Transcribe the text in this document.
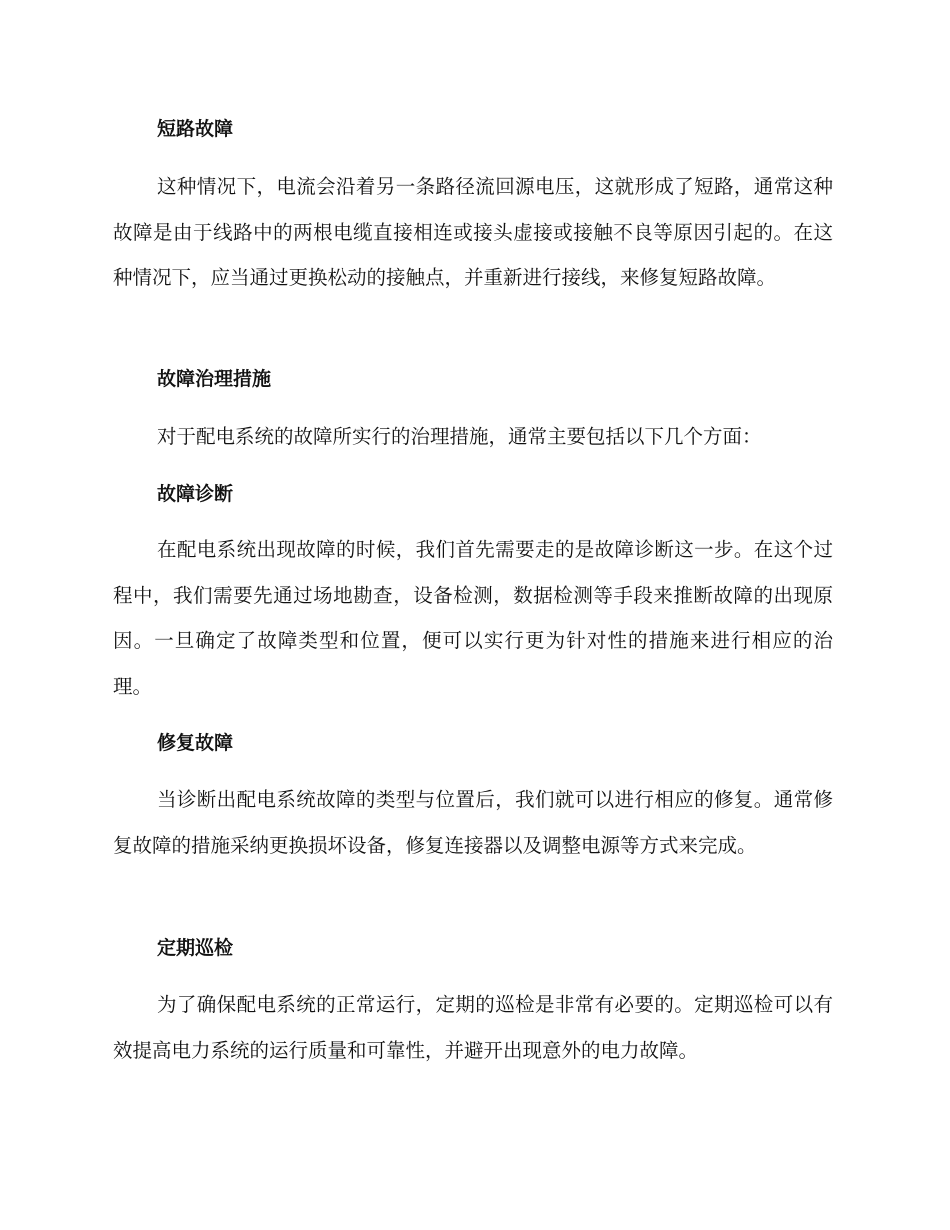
短路故障

这种情况下，电流会沿着另一条路径流回源电压，这就形成了短路，通常这种故障是由于线路中的两根电缆直接相连或接头虚接或接触不良等原因引起的。在这种情况下，应当通过更换松动的接触点，并重新进行接线，来修复短路故障。

故障治理措施

对于配电系统的故障所实行的治理措施，通常主要包括以下几个方面：

故障诊断

在配电系统出现故障的时候，我们首先需要走的是故障诊断这一步。在这个过程中，我们需要先通过场地勘查，设备检测，数据检测等手段来推断故障的出现原因。一旦确定了故障类型和位置，便可以实行更为针对性的措施来进行相应的治理。

修复故障

当诊断出配电系统故障的类型与位置后，我们就可以进行相应的修复。通常修复故障的措施采纳更换损坏设备，修复连接器以及调整电源等方式来完成。

定期巡检

为了确保配电系统的正常运行，定期的巡检是非常有必要的。定期巡检可以有效提高电力系统的运行质量和可靠性，并避开出现意外的电力故障。
